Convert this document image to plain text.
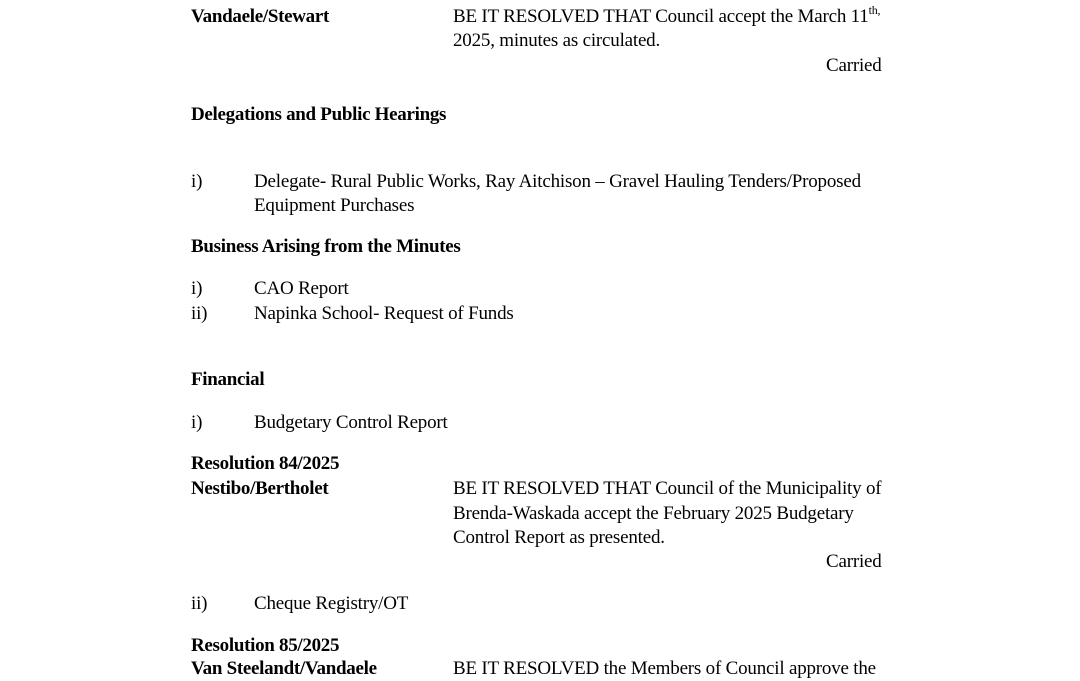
Vandaele/Stewart	BE IT RESOLVED THAT Council accept the March $11^{th,}$
2025, minutes as circulated.
Carried
Delegations and Public Hearings
i)	Delegate- Rural Public Works, Ray Aitchison – Gravel Hauling Tenders/Proposed
Equipment Purchases
Business Arising from the Minutes
i)	CAO Report
ii) Napinka School- Request of Funds
Financial
i)	Budgetary Control Report
Resolution 84/2025
Nestibo/Bertholet	BE IT RESOLVED THAT Council of the Municipality of
Brenda-Waskada accept the February 2025 Budgetary
Control Report as presented.
Carried
ii) Cheque Registry/OT
Resolution 85/2025
Van Steelandt/Vandaele	BE IT RESOLVED the Members of Council approve the
